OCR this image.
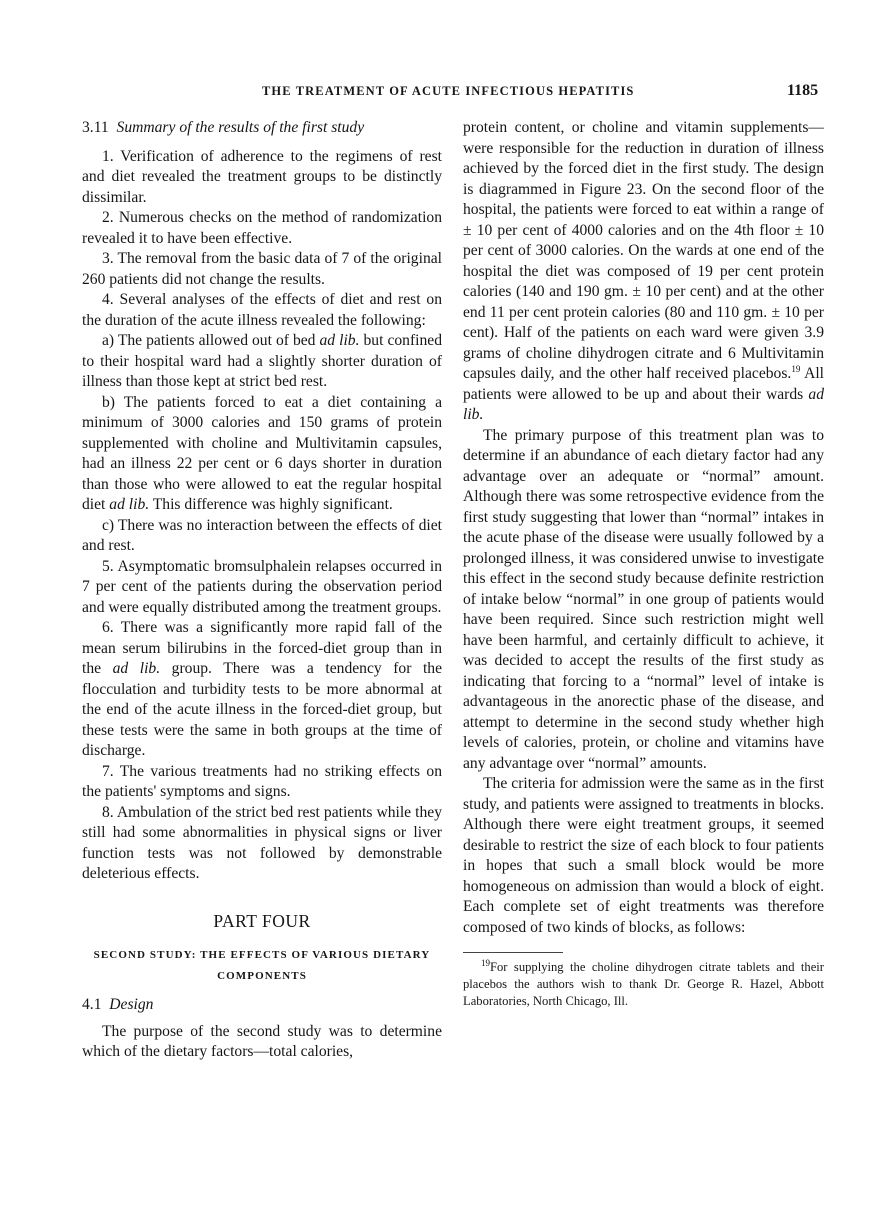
THE TREATMENT OF ACUTE INFECTIOUS HEPATITIS	1185
3.11 Summary of the results of the first study

1. Verification of adherence to the regimens of rest and diet revealed the treatment groups to be distinctly dissimilar.

2. Numerous checks on the method of randomization revealed it to have been effective.

3. The removal from the basic data of 7 of the original 260 patients did not change the results.

4. Several analyses of the effects of diet and rest on the duration of the acute illness revealed the following:

a) The patients allowed out of bed ad lib. but confined to their hospital ward had a slightly shorter duration of illness than those kept at strict bed rest.

b) The patients forced to eat a diet containing a minimum of 3000 calories and 150 grams of protein supplemented with choline and Multivitamin capsules, had an illness 22 per cent or 6 days shorter in duration than those who were allowed to eat the regular hospital diet ad lib. This difference was highly significant.

c) There was no interaction between the effects of diet and rest.

5. Asymptomatic bromsulphalein relapses occurred in 7 per cent of the patients during the observation period and were equally distributed among the treatment groups.

6. There was a significantly more rapid fall of the mean serum bilirubins in the forced-diet group than in the ad lib. group. There was a tendency for the flocculation and turbidity tests to be more abnormal at the end of the acute illness in the forced-diet group, but these tests were the same in both groups at the time of discharge.

7. The various treatments had no striking effects on the patients' symptoms and signs.

8. Ambulation of the strict bed rest patients while they still had some abnormalities in physical signs or liver function tests was not followed by demonstrable deleterious effects.

PART FOUR
SECOND STUDY: THE EFFECTS OF VARIOUS DIETARY
COMPONENTS
4.1 Design

The purpose of the second study was to determine which of the dietary factors—total calories,

protein content, or choline and vitamin supplements—were responsible for the reduction in duration of illness achieved by the forced diet in the first study. The design is diagrammed in Figure 23. On the second floor of the hospital, the patients were forced to eat within a range of ± 10 per cent of 4000 calories and on the 4th floor ± 10 per cent of 3000 calories. On the wards at one end of the hospital the diet was composed of 19 per cent protein calories (140 and 190 gm. ± 10 per cent) and at the other end 11 per cent protein calories (80 and 110 gm. ± 10 per cent). Half of the patients on each ward were given 3.9 grams of choline dihydrogen citrate and 6 Multivitamin capsules daily, and the other half received placebos.$^{19}$ All patients were allowed to be up and about their wards ad lib.

The primary purpose of this treatment plan was to determine if an abundance of each dietary factor had any advantage over an adequate or “normal” amount. Although there was some retrospective evidence from the first study suggesting that lower than “normal” intakes in the acute phase of the disease were usually followed by a prolonged illness, it was considered unwise to investigate this effect in the second study because definite restriction of intake below “normal” in one group of patients would have been required. Since such restriction might well have been harmful, and certainly difficult to achieve, it was decided to accept the results of the first study as indicating that forcing to a “normal” level of intake is advantageous in the anorectic phase of the disease, and attempt to determine in the second study whether high levels of calories, protein, or choline and vitamins have any advantage over “normal” amounts.

The criteria for admission were the same as in the first study, and patients were assigned to treatments in blocks. Although there were eight treatment groups, it seemed desirable to restrict the size of each block to four patients in hopes that such a small block would be more homogeneous on admission than would a block of eight. Each complete set of eight treatments was therefore composed of two kinds of blocks, as follows:

$^{19}$For supplying the choline dihydrogen citrate tablets and their placebos the authors wish to thank Dr. George R. Hazel, Abbott Laboratories, North Chicago, Ill.
